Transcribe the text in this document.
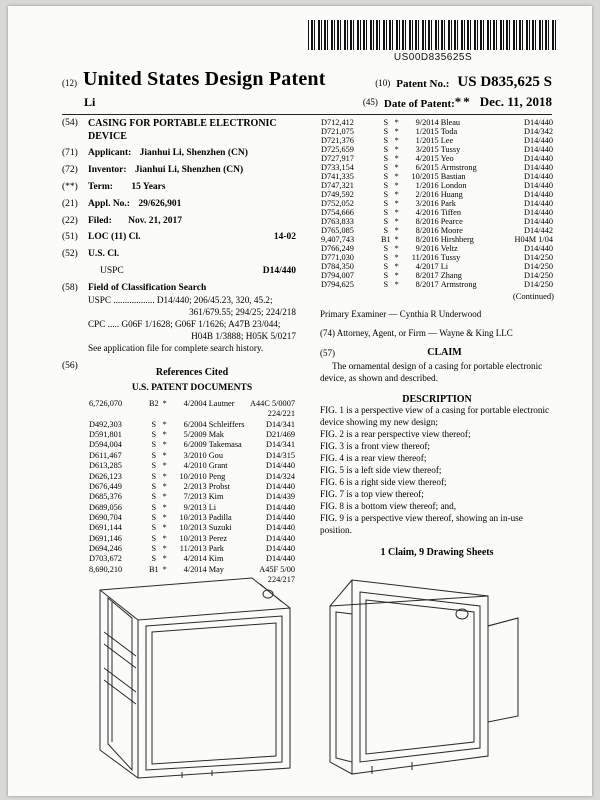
US00D835625S
(12) United States Design Patent	(10) Patent No.: US D835,625 S
Li	(45) Date of Patent: ** Dec. 11, 2018
(54)	CASING FOR PORTABLE ELECTRONIC DEVICE
(71)	Applicant: Jianhui Li, Shenzhen (CN)
(72)	Inventor: Jianhui Li, Shenzhen (CN)
(**)	Term: 15 Years
(21)	Appl. No.: 29/626,901
(22)	Filed: Nov. 21, 2017
(51)	LOC (11) Cl.	14-02
(52)	U.S. Cl.
USPC	D14/440
(58)	Field of Classification Search
USPC .................. D14/440; 206/45.23, 320, 45.2;
361/679.55; 294/25; 224/218
CPC ..... G06F 1/1628; G06F 1/1626; A47B 23/044;
H04B 1/3888; H05K 5/0217
See application file for complete search history.
(56)
References Cited
U.S. PATENT DOCUMENTS
6,726,070	B2	*	4/2004	Lautner	A44C 5/0007
					224/221
D492,303	S	*	6/2004	Schleiffers	D14/341
D591,801	S	*	5/2009	Mak	D21/469
D594,004	S	*	6/2009	Takemasa	D14/341
D611,467	S	*	3/2010	Gou	D14/315
D613,285	S	*	4/2010	Grant	D14/440
D626,123	S	*	10/2010	Peng	D14/324
D676,449	S	*	2/2013	Probst	D14/440
D685,376	S	*	7/2013	Kim	D14/439
D689,056	S	*	9/2013	Li	D14/440
D690,704	S	*	10/2013	Padilla	D14/440
D691,144	S	*	10/2013	Suzuki	D14/440
D691,146	S	*	10/2013	Perez	D14/440
D694,246	S	*	11/2013	Park	D14/440
D703,672	S	*	4/2014	Kim	D14/440
8,690,210	B1	*	4/2014	May	A45F 5/00
					224/217
D712,412	S	*	9/2014	Bleau	D14/440
D721,075	S	*	1/2015	Toda	D14/342
D721,376	S	*	1/2015	Lee	D14/440
D725,659	S	*	3/2015	Tussy	D14/440
D727,917	S	*	4/2015	Yeo	D14/440
D733,154	S	*	6/2015	Armstrong	D14/440
D741,335	S	*	10/2015	Bastian	D14/440
D747,321	S	*	1/2016	London	D14/440
D749,592	S	*	2/2016	Huang	D14/440
D752,052	S	*	3/2016	Park	D14/440
D754,666	S	*	4/2016	Tiffen	D14/440
D763,833	S	*	8/2016	Pearce	D14/440
D765,085	S	*	8/2016	Moore	D14/442
9,407,743	B1	*	8/2016	Hirshberg	H04M 1/04
D766,249	S	*	9/2016	Veltz	D14/440
D771,030	S	*	11/2016	Tussy	D14/250
D784,350	S	*	4/2017	Li	D14/250
D794,007	S	*	8/2017	Zhang	D14/250
D794,625	S	*	8/2017	Armstrong	D14/250
(Continued)
Primary Examiner — Cynthia R Underwood
(74) Attorney, Agent, or Firm — Wayne & King LLC
(57)	CLAIM
The ornamental design of a casing for portable electronic device, as shown and described.
DESCRIPTION
FIG. 1 is a perspective view of a casing for portable electronic device showing my new design;
FIG. 2 is a rear perspective view thereof;
FIG. 3 is a front view thereof;
FIG. 4 is a rear view thereof;
FIG. 5 is a left side view thereof;
FIG. 6 is a right side view thereof;
FIG. 7 is a top view thereof;
FIG. 8 is a bottom view thereof; and,
FIG. 9 is a perspective view thereof, showing an in-use position.
1 Claim, 9 Drawing Sheets
